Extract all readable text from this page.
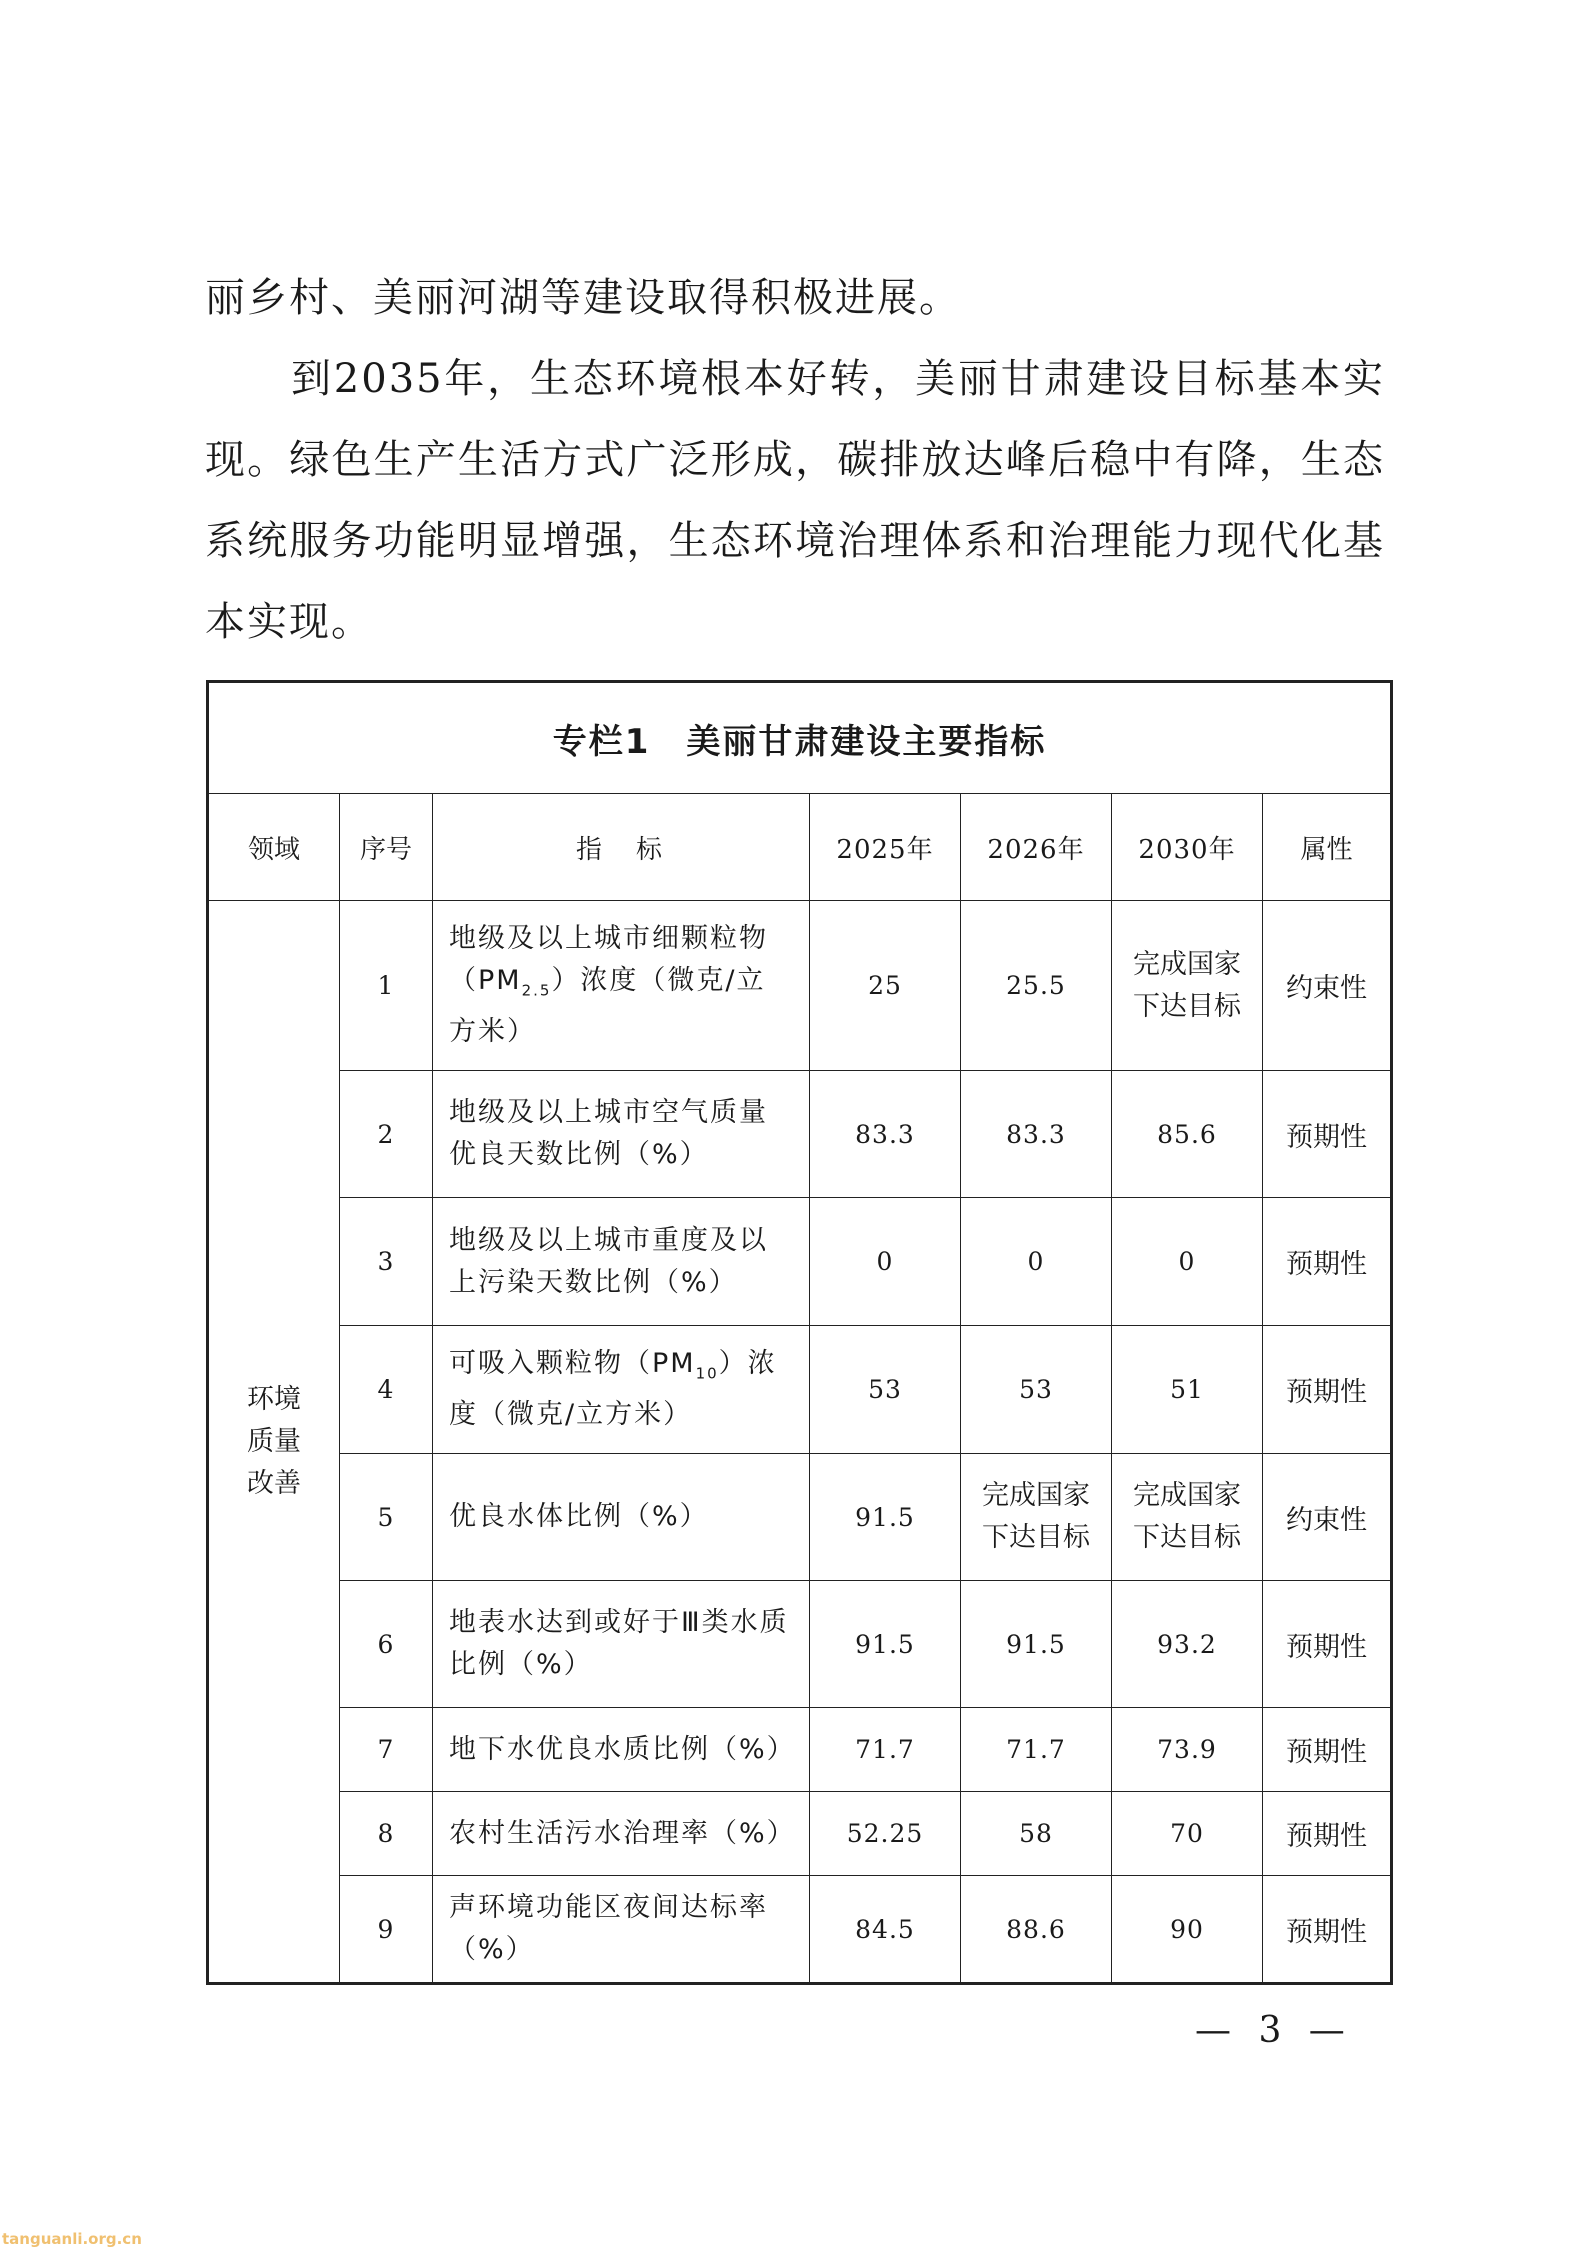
丽乡村、美丽河湖等建设取得积极进展。

到2035年，生态环境根本好转，美丽甘肃建设目标基本实现。绿色生产生活方式广泛形成，碳排放达峰后稳中有降，生态系统服务功能明显增强，生态环境治理体系和治理能力现代化基本实现。

专栏1　美丽甘肃建设主要指标						
领域	序号	指　标	2025年	2026年	2030年	属性

环境质量改善	1	地级及以上城市细颗粒物$(PM_{2.5})$浓度（微克/立方米）	25	25.5	完成国家下达目标	约束性
	2	地级及以上城市空气质量优良天数比例（%）	83.3	83.3	85.6	预期性
	3	地级及以上城市重度及以上污染天数比例（%）	0	0	0	预期性
	4	可吸入颗粒物$(PM_{10})$浓度（微克/立方米）	53	53	51	预期性
	5	优良水体比例（%）	91.5	完成国家下达目标	完成国家下达目标	约束性
	6	地表水达到或好于Ⅲ类水质比例（%）	91.5	91.5	93.2	预期性
	7	地下水优良水质比例（%）	71.7	71.7	73.9	预期性
	8	农村生活污水治理率（%）	52.25	58	70	预期性
	9	声环境功能区夜间达标率（%）	84.5	88.6	90	预期性
— 3 —
tanguanli.org.cn
